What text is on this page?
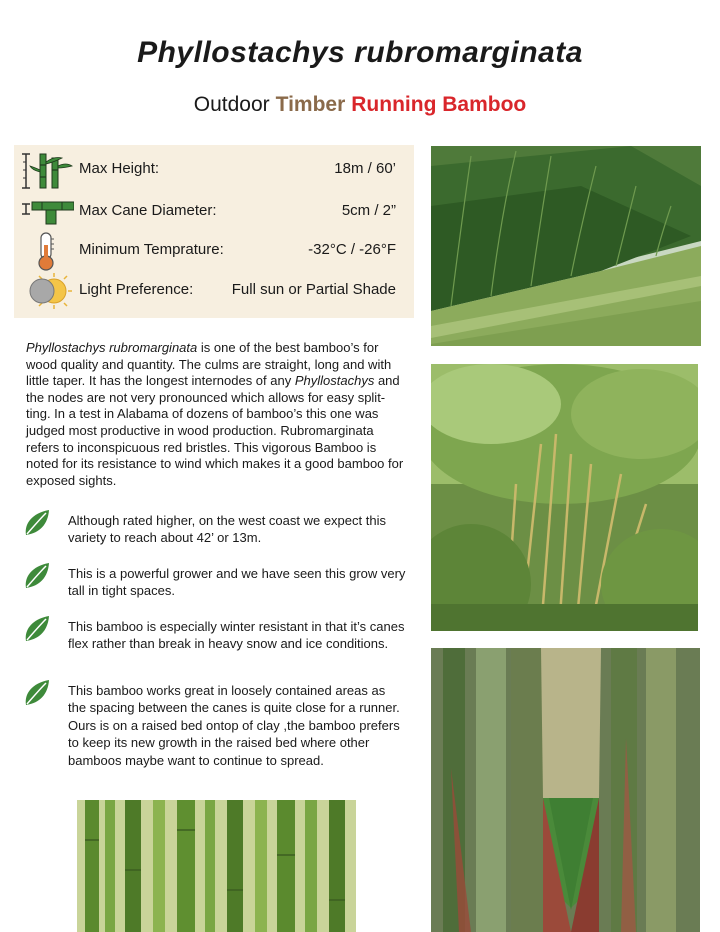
Phyllostachys rubromarginata
Outdoor Timber Running Bamboo
Max Height:	18m / 60’
Max Cane Diameter:	5cm / 2”
Minimum Temprature:	-32°C / -26°F
Light Preference:	Full sun or Partial Shade
Phyllostachys rubromarginata is one of the best bamboo’s for wood quality and quantity. The culms are straight, long and with little taper. It has the longest internodes of any Phyllostachys and the nodes are not very pronounced which allows for easy split- ting. In a test in Alabama of dozens of bamboo’s this one was judged most productive in wood production. Rubromarginata refers to inconspicuous red bristles. This vigorous Bamboo is noted for its resistance to wind which makes it a good bamboo for exposed sights.
Although rated higher, on the west coast we expect this variety to reach about 42’ or 13m.
This is a powerful grower and we have seen this grow very tall in tight spaces.
This bamboo is especially winter resistant in that it’s canes flex rather than break in heavy snow and ice conditions.
This bamboo works great in loosely contained areas as the spacing between the canes is quite close for a runner. Ours is on a raised bed ontop of clay ,the bamboo prefers to keep its new growth in the raised bed where other bamboos maybe want to continue to spread.
